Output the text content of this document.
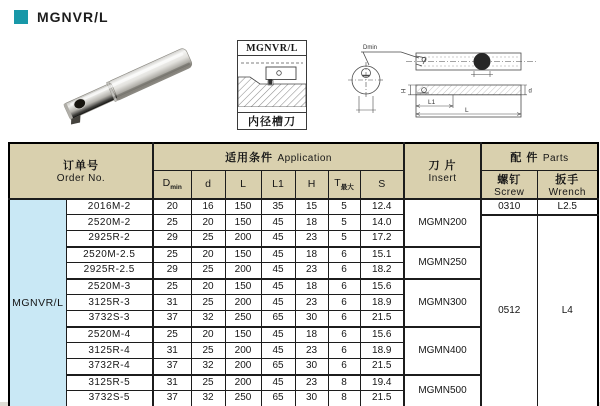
MGNVR/L
MGNVR/L
内径槽刀
Dmin
H	d
L1
L
订单号
Order No.
	适用条件 Application	
刀 片
Insert
	配 件 Parts
$D_{min}$	d	L	L1	H	$T_{最大}$	S	螺钉
Screw

扳手
Wrench

MGNVR/L	2016M-2	20	16	150	35	15	5	12.4	MGMN200	0310	L2.5
	2520M-2	25	20	150	45	18	5	14.0		0512	L4
	2925R-2	29	25	200	45	23	5	17.2			
	2520M-2.5	25	20	150	45	18	6	15.1	MGMN250		
	2925R-2.5	29	25	200	45	23	6	18.2			
	2520M-3	25	20	150	45	18	6	15.6	MGMN300		
	3125R-3	31	25	200	45	23	6	18.9			
	3732S-3	37	32	250	65	30	6	21.5			
	2520M-4	25	20	150	45	18	6	15.6	MGMN400		
	3125R-4	31	25	200	45	23	6	18.9			
	3732R-4	37	32	200	65	30	6	21.5			
	3125R-5	31	25	200	45	23	8	19.4	MGMN500		
	3732S-5	37	32	250	65	30	8	21.5			
